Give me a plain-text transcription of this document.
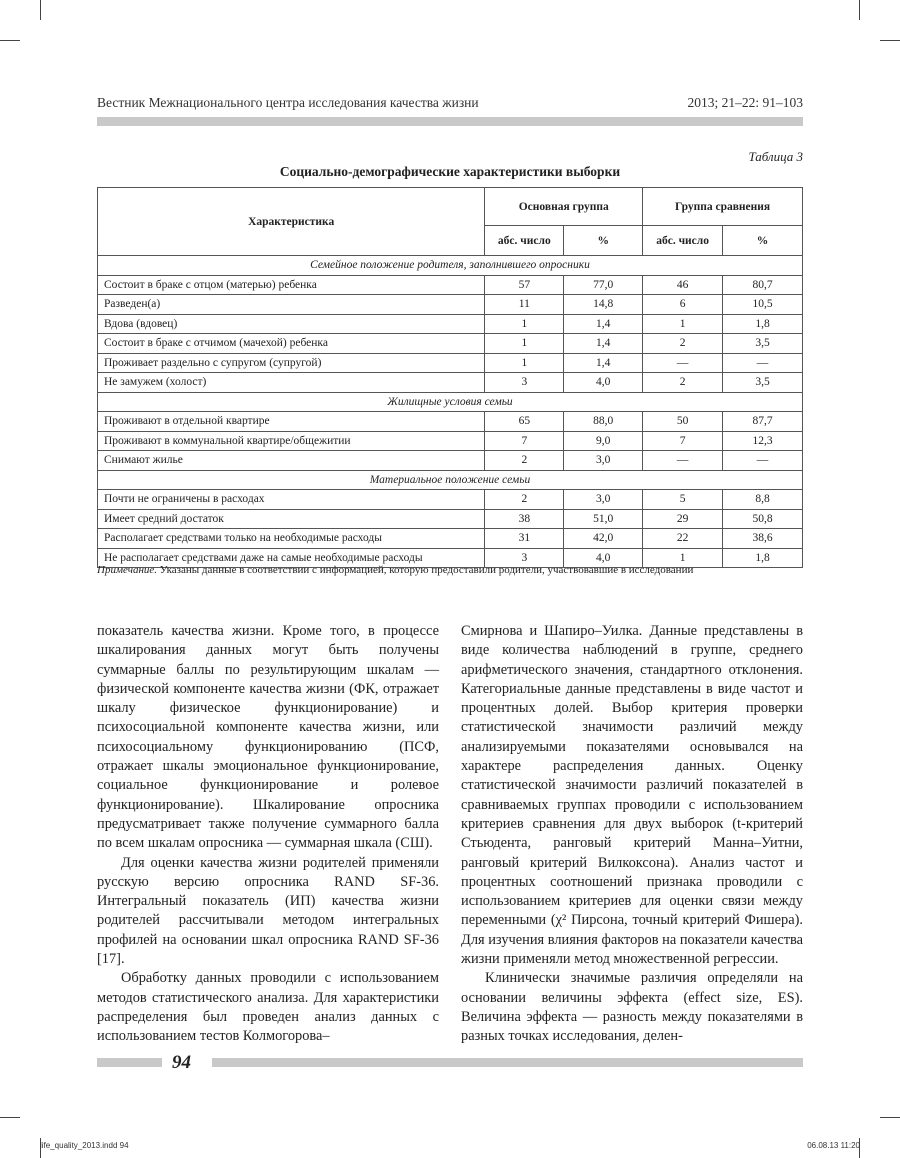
Вестник Межнационального центра исследования качества жизни	2013; 21–22: 91–103
Таблица 3
Социально-демографические характеристики выборки
Характеристика	Основная группа		Группа сравнения	
	абс. число	%	абс. число	%
Семейное положение родителя, заполнившего опросники				
Состоит в браке с отцом (матерью) ребенка	57	77,0	46	80,7
Разведен(а)	11	14,8	6	10,5
Вдова (вдовец)	1	1,4	1	1,8
Состоит в браке с отчимом (мачехой) ребенка	1	1,4	2	3,5
Проживает раздельно с супругом (супругой)	1	1,4	—	—
Не замужем (холост)	3	4,0	2	3,5
Жилищные условия семьи				
Проживают в отдельной квартире	65	88,0	50	87,7
Проживают в коммунальной квартире/общежитии	7	9,0	7	12,3
Снимают жилье	2	3,0	—	—
Материальное положение семьи				
Почти не ограничены в расходах	2	3,0	5	8,8
Имеет средний достаток	38	51,0	29	50,8
Располагает средствами только на необходимые расходы	31	42,0	22	38,6
Не располагает средствами даже на самые необходимые расходы	3	4,0	1	1,8
Примечание. Указаны данные в соответствии с информацией, которую предоставили родители, участвовавшие в исследовании

показатель качества жизни. Кроме того, в процессе шкалирования данных могут быть получены суммарные баллы по результирующим шкалам — физической компоненте качества жизни (ФК, отражает шкалу физическое функционирование) и психосоциальной компоненте качества жизни, или психосоциальному функционированию (ПСФ, отражает шкалы эмоциональное функционирование, социальное функционирование и ролевое функционирование). Шкалирование опросника предусматривает также получение суммарного балла по всем шкалам опросника — суммарная шкала (СШ).

Для оценки качества жизни родителей применяли русскую версию опросника RAND SF-36. Интегральный показатель (ИП) качества жизни родителей рассчитывали методом интегральных профилей на основании шкал опросника RAND SF-36 [17].

Обработку данных проводили с использованием методов статистического анализа. Для характеристики распределения был проведен анализ данных с использованием тестов Колмогорова–

Смирнова и Шапиро–Уилка. Данные представлены в виде количества наблюдений в группе, среднего арифметического значения, стандартного отклонения. Категориальные данные представлены в виде частот и процентных долей. Выбор критерия проверки статистической значимости различий между анализируемыми показателями основывался на характере распределения данных. Оценку статистической значимости различий показателей в сравниваемых группах проводили с использованием критериев сравнения для двух выборок (t-критерий Стьюдента, ранговый критерий Манна–Уитни, ранговый критерий Вилкоксона). Анализ частот и процентных соотношений признака проводили с использованием критериев для оценки связи между переменными (χ² Пирсона, точный критерий Фишера). Для изучения влияния факторов на показатели качества жизни применяли метод множественной регрессии.

Клинически значимые различия определяли на основании величины эффекта (effect size, ES). Величина эффекта — разность между показателями в разных точках исследования, делен-

94
life_quality_2013.indd 94	06.08.13 11:20
